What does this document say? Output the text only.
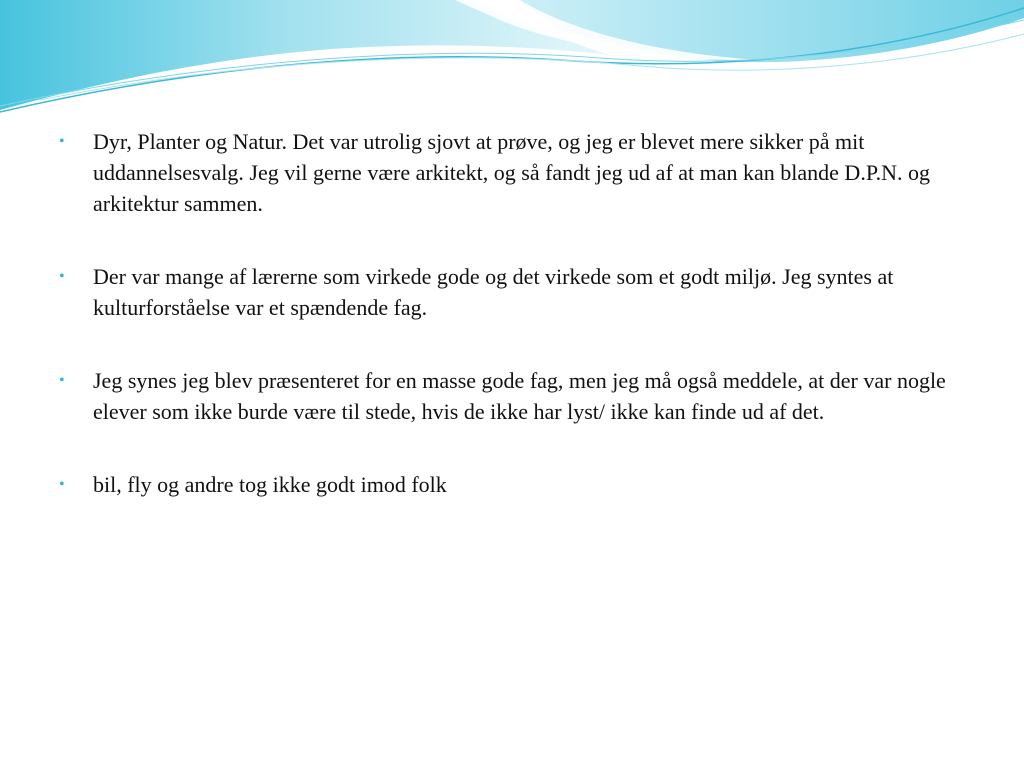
• Dyr, Planter og Natur. Det var utrolig sjovt at prøve, og jeg er blevet mere sikker på mit uddannelsesvalg. Jeg vil gerne være arkitekt, og så fandt jeg ud af at man kan blande D.P.N. og arkitektur sammen.
• Der var mange af lærerne som virkede gode og det virkede som et godt miljø. Jeg syntes at kulturforståelse var et spændende fag.
• Jeg synes jeg blev præsenteret for en masse gode fag, men jeg må også meddele, at der var nogle elever som ikke burde være til stede, hvis de ikke har lyst/ ikke kan finde ud af det.
• bil, fly og andre tog ikke godt imod folk
